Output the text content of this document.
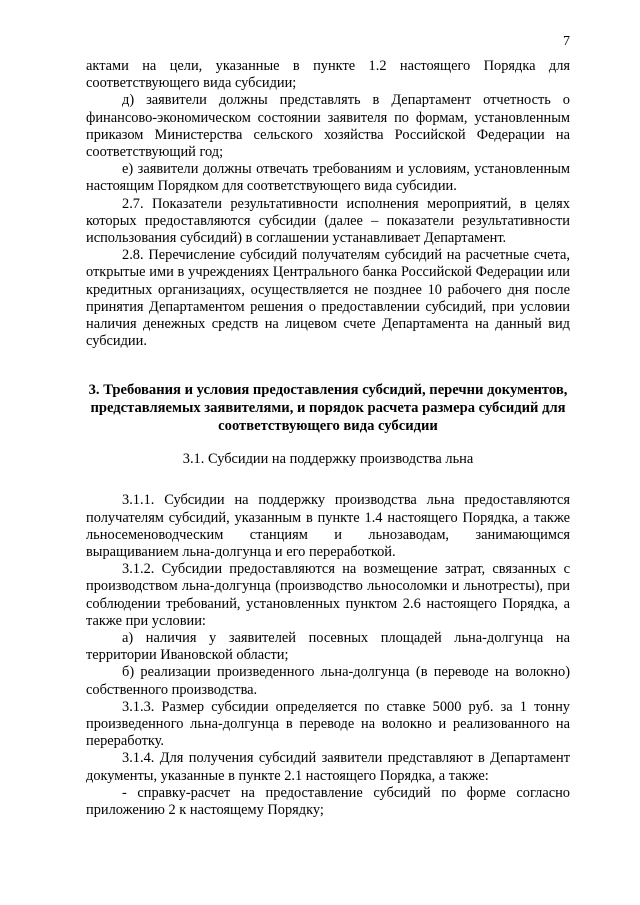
7

актами на цели, указанные в пункте 1.2 настоящего Порядка для соответствующего вида субсидии;

д) заявители должны представлять в Департамент отчетность о финансово-экономическом состоянии заявителя по формам, установленным приказом Министерства сельского хозяйства Российской Федерации на соответствующий год;

е) заявители должны отвечать требованиям и условиям, установленным настоящим Порядком для соответствующего вида субсидии.

2.7. Показатели результативности исполнения мероприятий, в целях которых предоставляются субсидии (далее – показатели результативности использования субсидий) в соглашении устанавливает Департамент.

2.8. Перечисление субсидий получателям субсидий на расчетные счета, открытые ими в учреждениях Центрального банка Российской Федерации или кредитных организациях, осуществляется не позднее 10 рабочего дня после принятия Департаментом решения о предоставлении субсидий, при условии наличия денежных средств на лицевом счете Департамента на данный вид субсидии.

3. Требования и условия предоставления субсидий, перечни документов, представляемых заявителями, и порядок расчета размера субсидий для соответствующего вида субсидии

3.1. Субсидии на поддержку производства льна

3.1.1. Субсидии на поддержку производства льна предоставляются получателям субсидий, указанным в пункте 1.4 настоящего Порядка, а также льносеменоводческим станциям и льнозаводам, занимающимся выращиванием льна-долгунца и его переработкой.

3.1.2. Субсидии предоставляются на возмещение затрат, связанных с производством льна-долгунца (производство льносоломки и льнотресты), при соблюдении требований, установленных пунктом 2.6 настоящего Порядка, а также при условии:

а) наличия у заявителей посевных площадей льна-долгунца на территории Ивановской области;

б) реализации произведенного льна-долгунца (в переводе на волокно) собственного производства.

3.1.3. Размер субсидии определяется по ставке 5000 руб. за 1 тонну произведенного льна-долгунца в переводе на волокно и реализованного на переработку.

3.1.4. Для получения субсидий заявители представляют в Департамент документы, указанные в пункте 2.1 настоящего Порядка, а также:

- справку-расчет на предоставление субсидий по форме согласно приложению 2 к настоящему Порядку;
